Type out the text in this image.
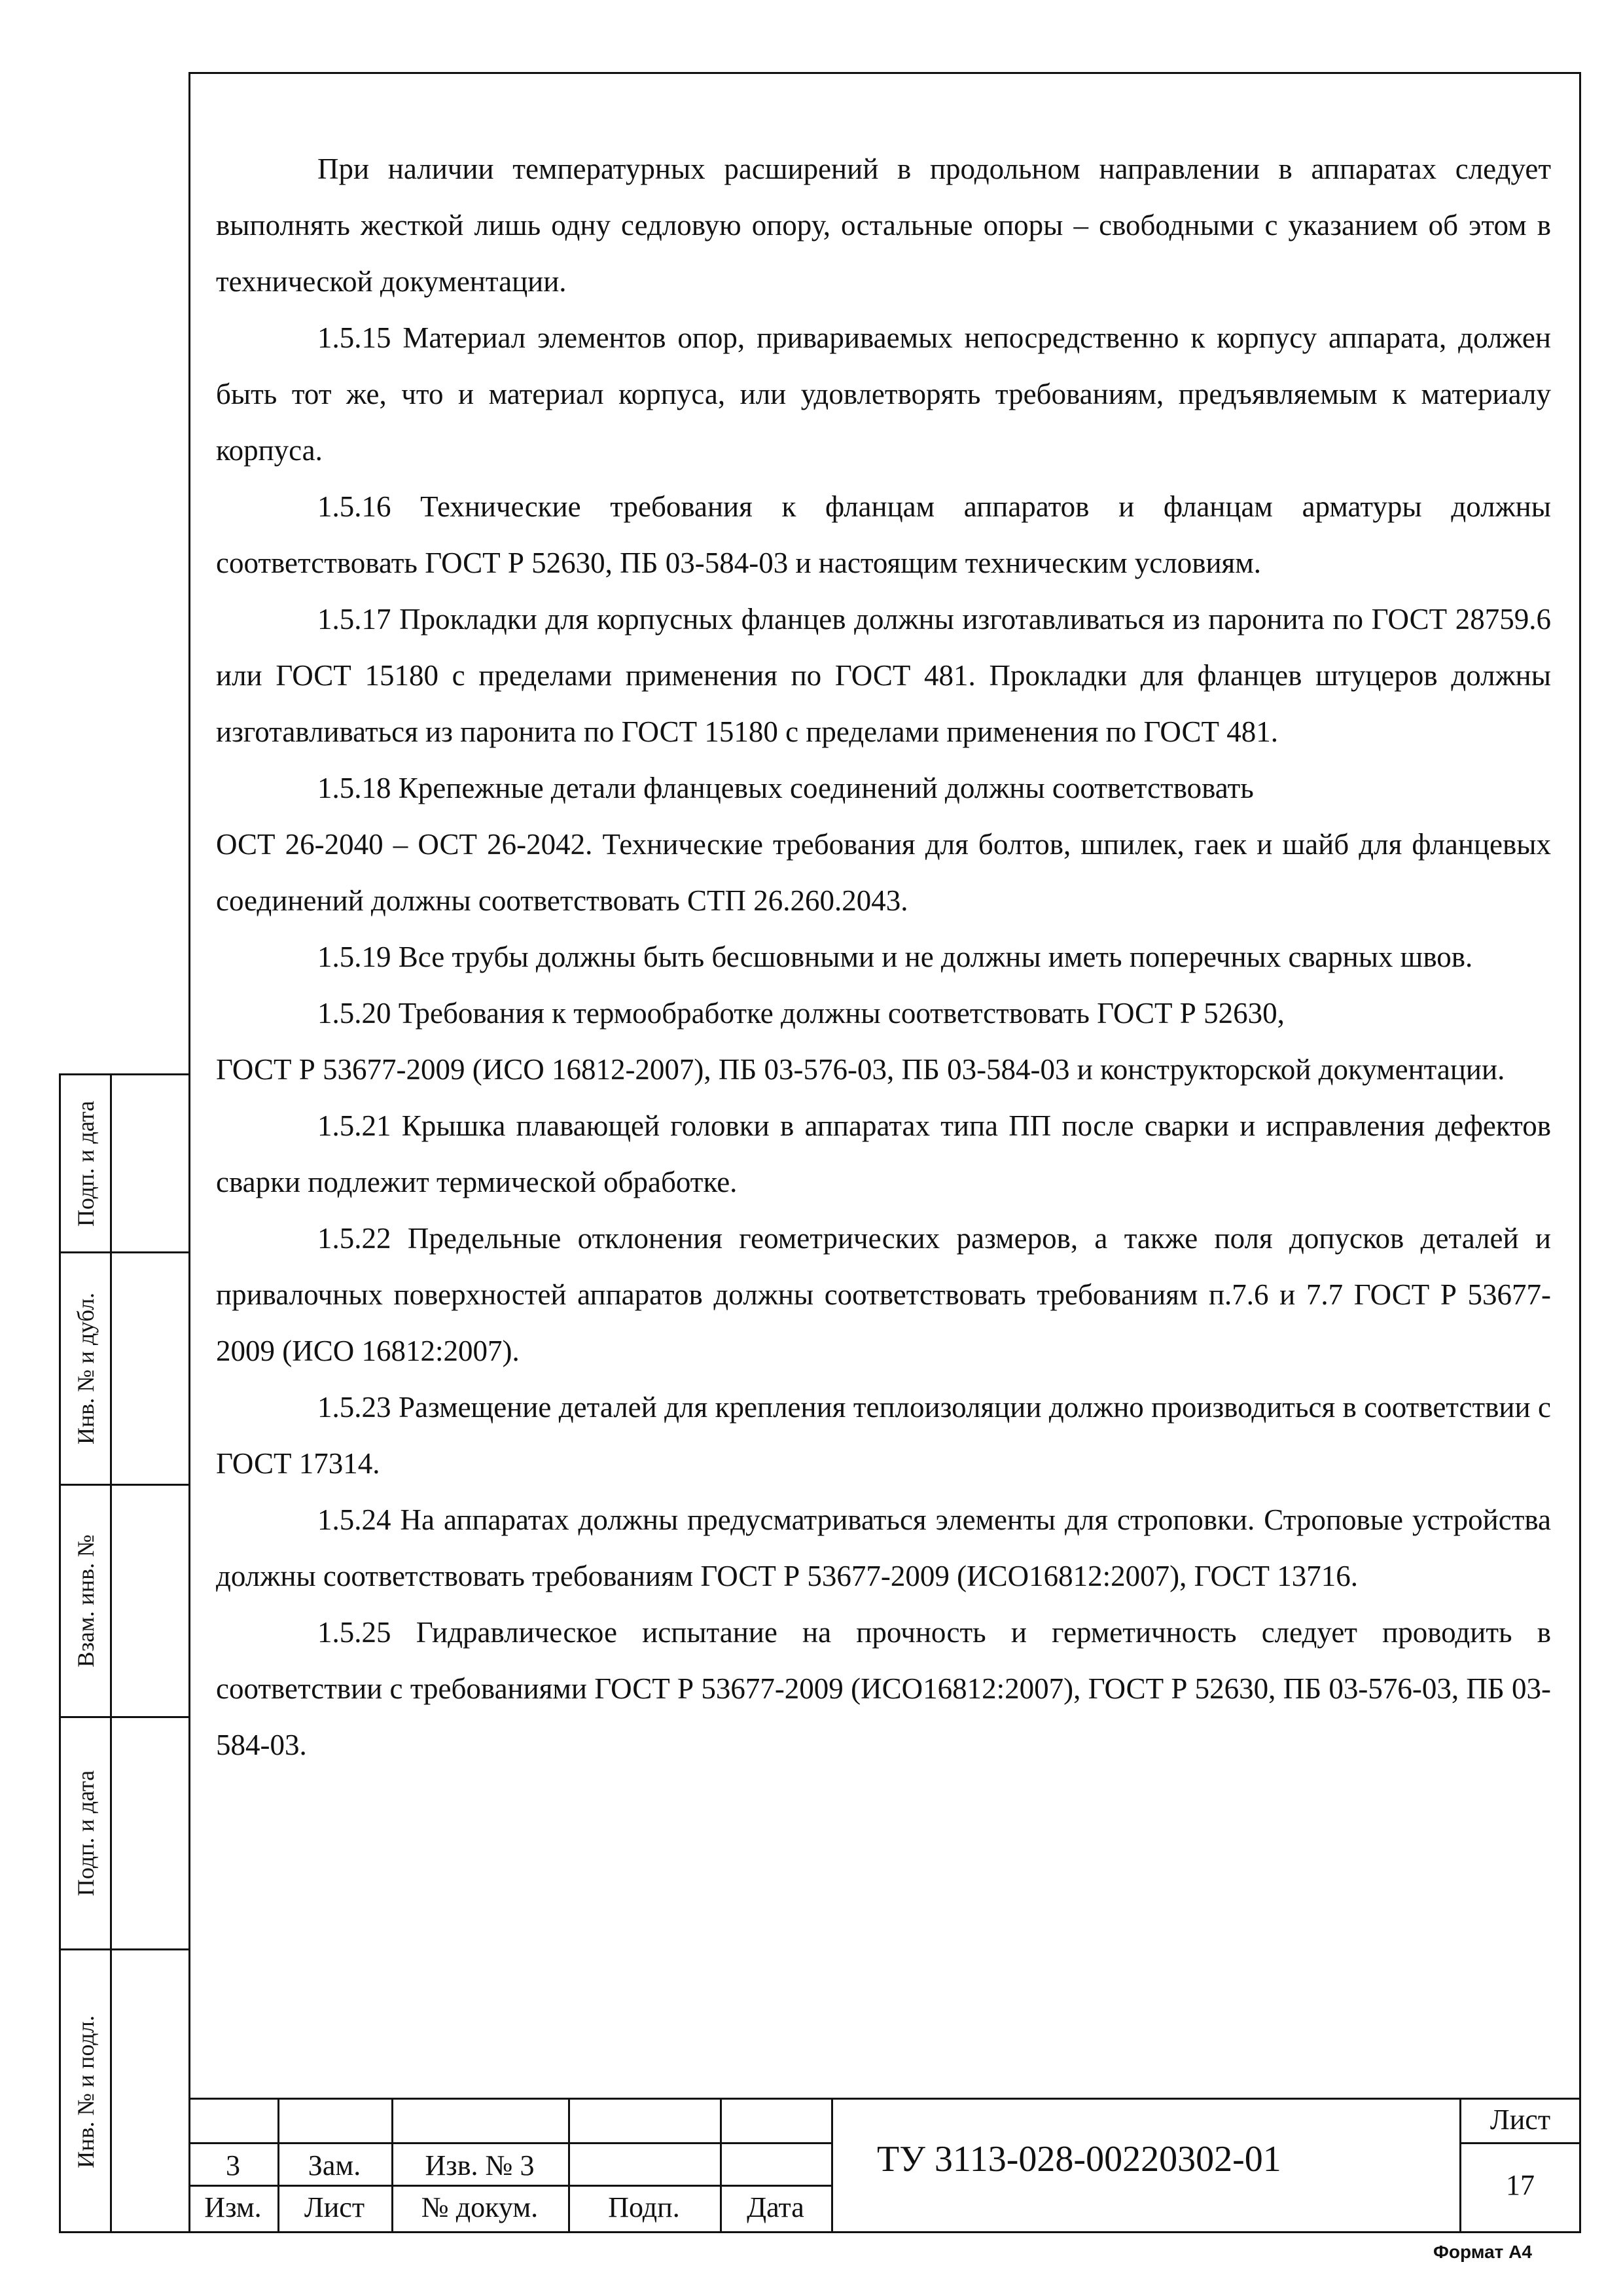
При наличии температурных расширений в продольном направлении в аппаратах следует выполнять жесткой лишь одну седловую опору, остальные опоры – свободными с указанием об этом в технической документации.

1.5.15 Материал элементов опор, привариваемых непосредственно к корпусу аппарата, должен быть тот же, что и материал корпуса, или удовлетворять требованиям, предъявляемым к материалу корпуса.

1.5.16 Технические требования к фланцам аппаратов и фланцам арматуры должны соответствовать ГОСТ Р 52630, ПБ 03-584-03 и настоящим техническим условиям.

1.5.17 Прокладки для корпусных фланцев должны изготавливаться из паронита по ГОСТ 28759.6 или ГОСТ 15180 с пределами применения по ГОСТ 481. Прокладки для фланцев штуцеров должны изготавливаться из паронита по ГОСТ 15180 с пределами применения по ГОСТ 481.

1.5.18 Крепежные детали фланцевых соединений должны соответствовать

ОСТ 26-2040 – ОСТ 26-2042. Технические требования для болтов, шпилек, гаек и шайб для фланцевых соединений должны соответствовать СТП 26.260.2043.

1.5.19 Все трубы должны быть бесшовными и не должны иметь поперечных сварных швов.

1.5.20 Требования к термообработке должны соответствовать ГОСТ Р 52630,

ГОСТ Р 53677-2009 (ИСО 16812-2007), ПБ 03-576-03, ПБ 03-584-03 и конструкторской документации.

1.5.21 Крышка плавающей головки в аппаратах типа ПП после сварки и исправления дефектов сварки подлежит термической обработке.

1.5.22 Предельные отклонения геометрических размеров, а также поля допусков деталей и привалочных поверхностей аппаратов должны соответствовать требованиям п.7.6 и 7.7 ГОСТ Р 53677-2009 (ИСО 16812:2007).

1.5.23 Размещение деталей для крепления теплоизоляции должно производиться в соответствии с ГОСТ 17314.

1.5.24 На аппаратах должны предусматриваться элементы для строповки. Строповые устройства должны соответствовать требованиям ГОСТ Р 53677-2009 (ИСО16812:2007), ГОСТ 13716.

1.5.25 Гидравлическое испытание на прочность и герметичность следует проводить в соответствии с требованиями ГОСТ Р 53677-2009 (ИСО16812:2007), ГОСТ Р 52630, ПБ 03-576-03, ПБ 03-584-03.

Подп. и дата
Инв. № и дубл.
Взам. инв. №
Подп. и дата
Инв. № и подл.	3	Зам.	Изв. № 3
Изм.	Лист	№ докум.	Подп.	Дата
ТУ 3113-028-00220302-01
Лист
17
Формат А4
